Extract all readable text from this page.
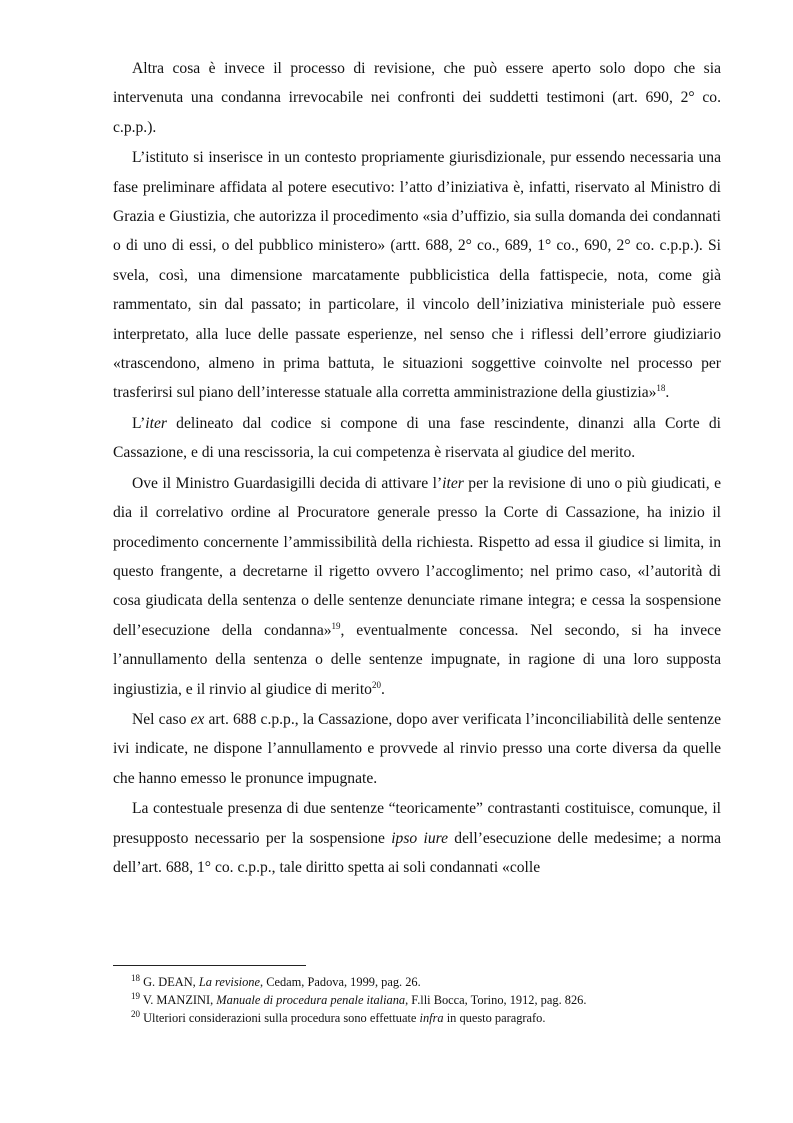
Altra cosa è invece il processo di revisione, che può essere aperto solo dopo che sia intervenuta una condanna irrevocabile nei confronti dei suddetti testimoni (art. 690, 2° co. c.p.p.).

L’istituto si inserisce in un contesto propriamente giurisdizionale, pur essendo necessaria una fase preliminare affidata al potere esecutivo: l’atto d’iniziativa è, infatti, riservato al Ministro di Grazia e Giustizia, che autorizza il procedimento «sia d’uffizio, sia sulla domanda dei condannati o di uno di essi, o del pubblico ministero» (artt. 688, 2° co., 689, 1° co., 690, 2° co. c.p.p.). Si svela, così, una dimensione marcatamente pubblicistica della fattispecie, nota, come già rammentato, sin dal passato; in particolare, il vincolo dell’iniziativa ministeriale può essere interpretato, alla luce delle passate esperienze, nel senso che i riflessi dell’errore giudiziario «trascendono, almeno in prima battuta, le situazioni soggettive coinvolte nel processo per trasferirsi sul piano dell’interesse statuale alla corretta amministrazione della giustizia»$^{18}$.

L’iter delineato dal codice si compone di una fase rescindente, dinanzi alla Corte di Cassazione, e di una rescissoria, la cui competenza è riservata al giudice del merito.

Ove il Ministro Guardasigilli decida di attivare l’iter per la revisione di uno o più giudicati, e dia il correlativo ordine al Procuratore generale presso la Corte di Cassazione, ha inizio il procedimento concernente l’ammissibilità della richiesta. Rispetto ad essa il giudice si limita, in questo frangente, a decretarne il rigetto ovvero l’accoglimento; nel primo caso, «l’autorità di cosa giudicata della sentenza o delle sentenze denunciate rimane integra; e cessa la sospensione dell’esecuzione della condanna»$^{19}$, eventualmente concessa. Nel secondo, si ha invece l’annullamento della sentenza o delle sentenze impugnate, in ragione di una loro supposta ingiustizia, e il rinvio al giudice di merito$^{20}$.

Nel caso ex art. 688 c.p.p., la Cassazione, dopo aver verificata l’inconciliabilità delle sentenze ivi indicate, ne dispone l’annullamento e provvede al rinvio presso una corte diversa da quelle che hanno emesso le pronunce impugnate.

La contestuale presenza di due sentenze “teoricamente” contrastanti costituisce, comunque, il presupposto necessario per la sospensione ipso iure dell’esecuzione delle medesime; a norma dell’art. 688, 1° co. c.p.p., tale diritto spetta ai soli condannati «colle

$^{18}$ G. DEAN, La revisione, Cedam, Padova, 1999, pag. 26.

$^{19}$ V. MANZINI, Manuale di procedura penale italiana, F.lli Bocca, Torino, 1912, pag. 826.

$^{20}$ Ulteriori considerazioni sulla procedura sono effettuate infra in questo paragrafo.
